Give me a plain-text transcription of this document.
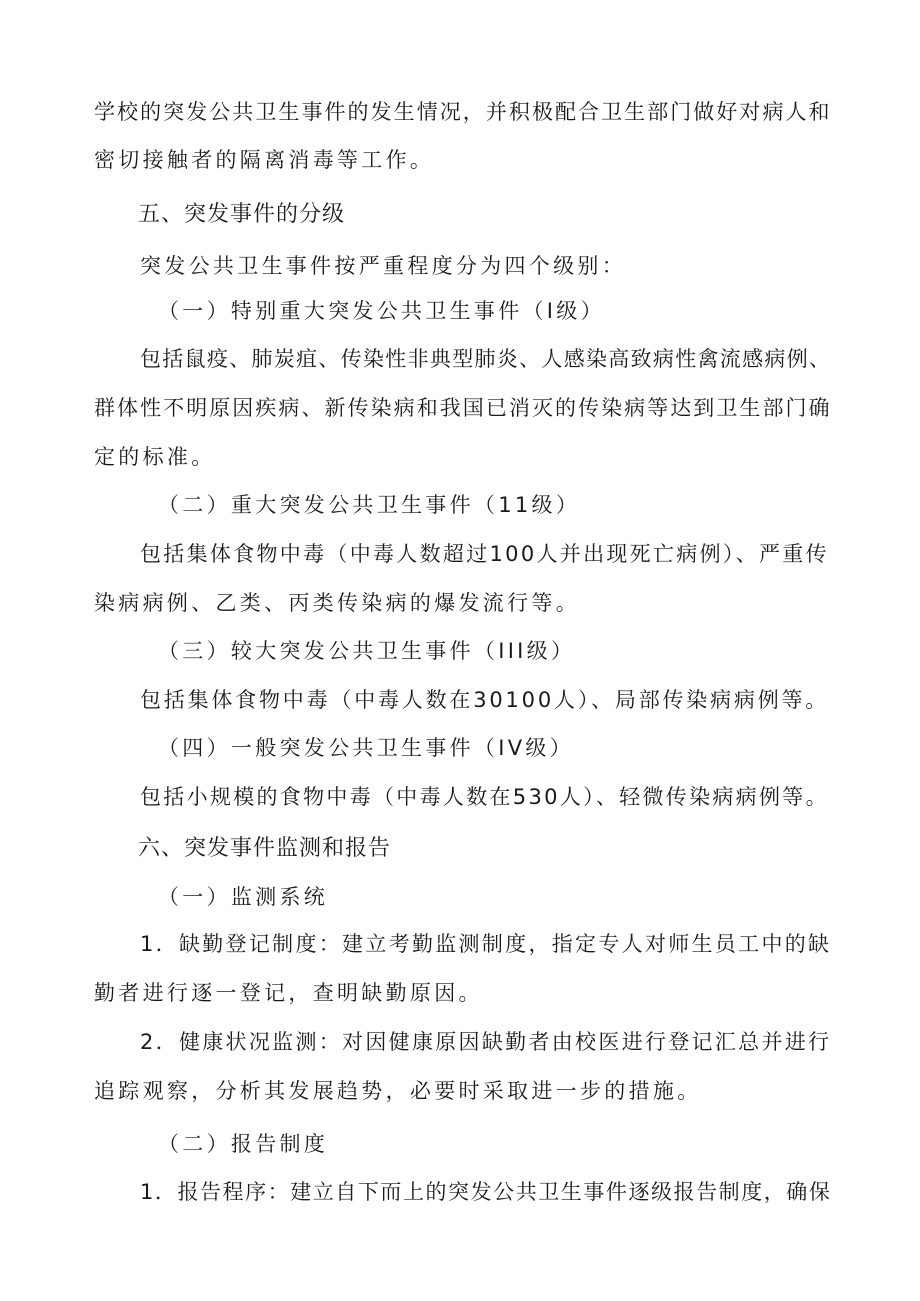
学校的突发公共卫生事件的发生情况，并积极配合卫生部门做好对病人和
密切接触者的隔离消毒等工作。
五、突发事件的分级
突发公共卫生事件按严重程度分为四个级别：
（一）特别重大突发公共卫生事件（I级）
包括鼠疫、肺炭疽、传染性非典型肺炎、人感染高致病性禽流感病例、
群体性不明原因疾病、新传染病和我国已消灭的传染病等达到卫生部门确
定的标准。
（二）重大突发公共卫生事件（11级）
包括集体食物中毒（中毒人数超过100人并出现死亡病例）、严重传
染病病例、乙类、丙类传染病的爆发流行等。
（三）较大突发公共卫生事件（III级）
包括集体食物中毒（中毒人数在30100人）、局部传染病病例等。
（四）一般突发公共卫生事件（IV级）
包括小规模的食物中毒（中毒人数在530人）、轻微传染病病例等。
六、突发事件监测和报告
（一）监测系统
1．缺勤登记制度：建立考勤监测制度，指定专人对师生员工中的缺
勤者进行逐一登记，查明缺勤原因。
2．健康状况监测：对因健康原因缺勤者由校医进行登记汇总并进行
追踪观察，分析其发展趋势，必要时采取进一步的措施。
（二）报告制度
1．报告程序：建立自下而上的突发公共卫生事件逐级报告制度，确保
